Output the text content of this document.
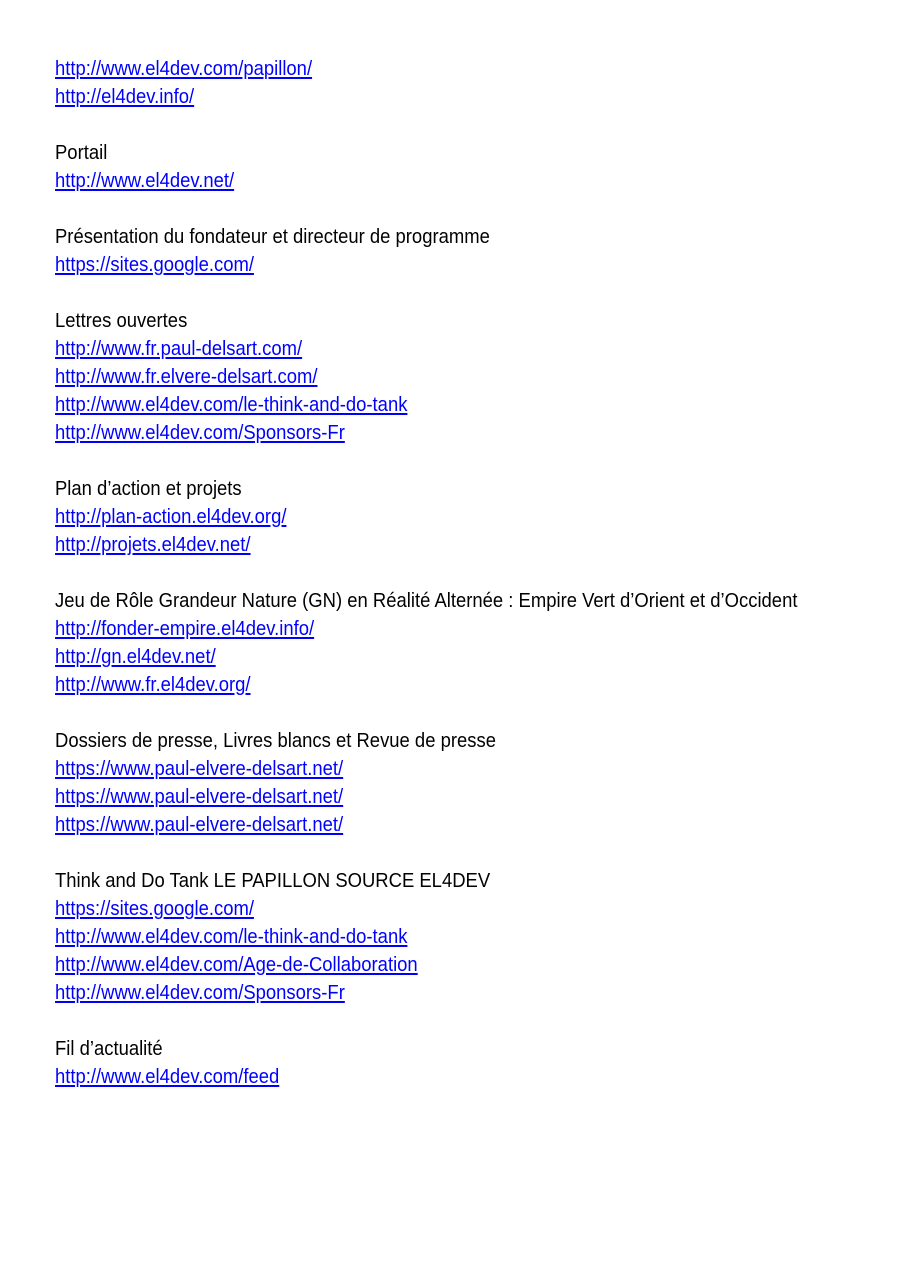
http://www.el4dev.com/papillon/
http://el4dev.info/
Portail
http://www.el4dev.net/
Présentation du fondateur et directeur de programme
https://sites.google.com/
Lettres ouvertes
http://www.fr.paul-delsart.com/
http://www.fr.elvere-delsart.com/
http://www.el4dev.com/le-think-and-do-tank
http://www.el4dev.com/Sponsors-Fr
Plan d’action et projets
http://plan-action.el4dev.org/
http://projets.el4dev.net/
Jeu de Rôle Grandeur Nature (GN) en Réalité Alternée : Empire Vert d’Orient et d’Occident
http://fonder-empire.el4dev.info/
http://gn.el4dev.net/
http://www.fr.el4dev.org/
Dossiers de presse, Livres blancs et Revue de presse
https://www.paul-elvere-delsart.net/
https://www.paul-elvere-delsart.net/
https://www.paul-elvere-delsart.net/
Think and Do Tank LE PAPILLON SOURCE EL4DEV
https://sites.google.com/
http://www.el4dev.com/le-think-and-do-tank
http://www.el4dev.com/Age-de-Collaboration
http://www.el4dev.com/Sponsors-Fr
Fil d’actualité
http://www.el4dev.com/feed
